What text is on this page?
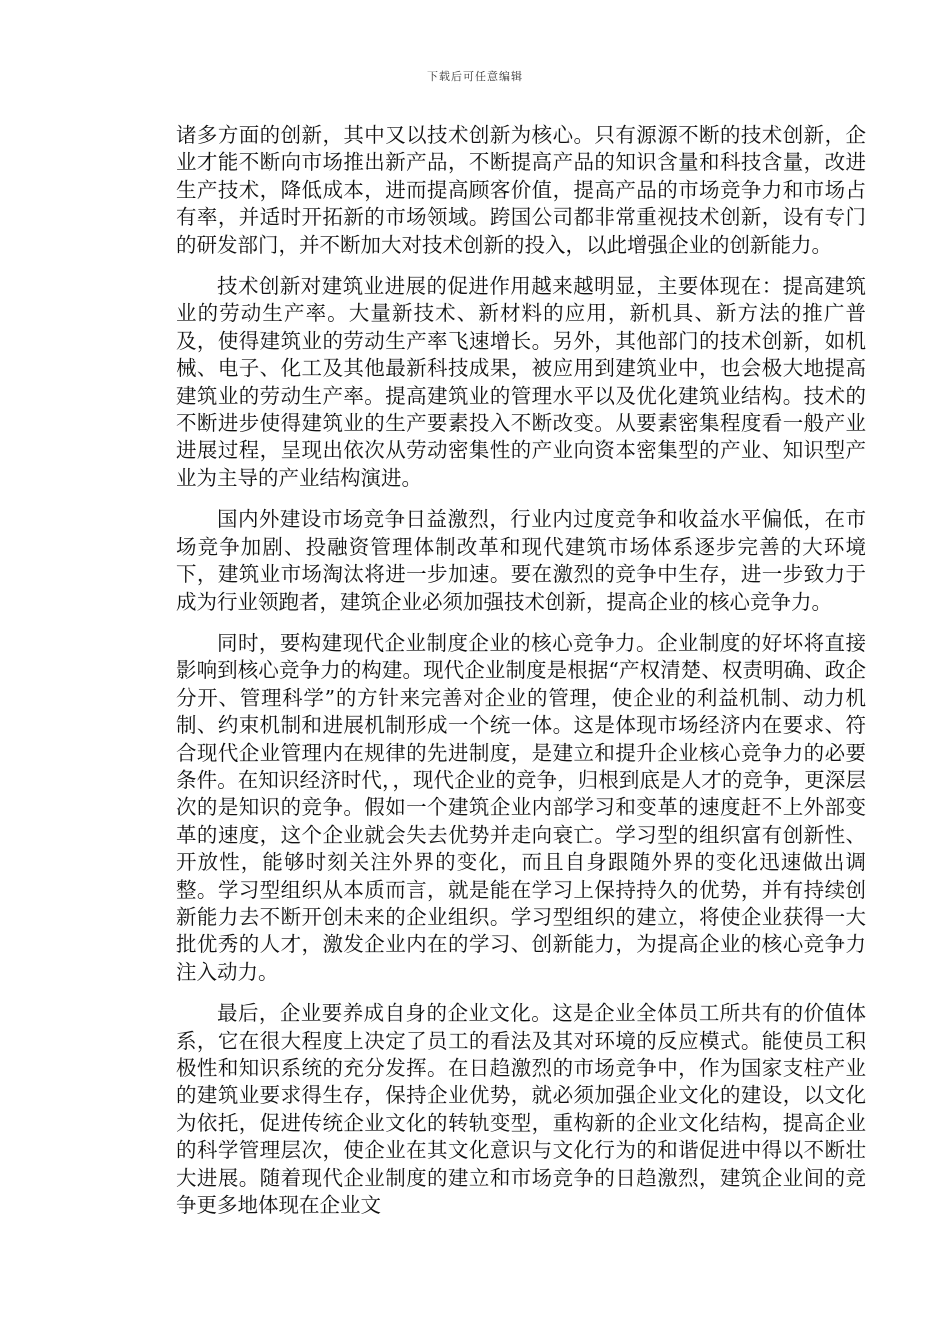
下载后可任意编辑

诸多方面的创新，其中又以技术创新为核心。只有源源不断的技术创新，企业才能不断向市场推出新产品，不断提高产品的知识含量和科技含量，改进生产技术，降低成本，进而提高顾客价值，提高产品的市场竞争力和市场占有率，并适时开拓新的市场领域。跨国公司都非常重视技术创新，设有专门的研发部门，并不断加大对技术创新的投入，以此增强企业的创新能力。

技术创新对建筑业进展的促进作用越来越明显，主要体现在：提高建筑业的劳动生产率。大量新技术、新材料的应用，新机具、新方法的推广普及，使得建筑业的劳动生产率飞速增长。另外，其他部门的技术创新，如机械、电子、化工及其他最新科技成果，被应用到建筑业中，也会极大地提高建筑业的劳动生产率。提高建筑业的管理水平以及优化建筑业结构。技术的不断进步使得建筑业的生产要素投入不断改变。从要素密集程度看一般产业进展过程，呈现出依次从劳动密集性的产业向资本密集型的产业、知识型产业为主导的产业结构演进。

国内外建设市场竞争日益激烈，行业内过度竞争和收益水平偏低，在市场竞争加剧、投融资管理体制改革和现代建筑市场体系逐步完善的大环境下，建筑业市场淘汰将进一步加速。要在激烈的竞争中生存，进一步致力于成为行业领跑者，建筑企业必须加强技术创新，提高企业的核心竞争力。

同时，要构建现代企业制度企业的核心竞争力。企业制度的好坏将直接影响到核心竞争力的构建。现代企业制度是根据“产权清楚、权责明确、政企分开、管理科学”的方针来完善对企业的管理，使企业的利益机制、动力机制、约束机制和进展机制形成一个统一体。这是体现市场经济内在要求、符合现代企业管理内在规律的先进制度，是建立和提升企业核心竞争力的必要条件。在知识经济时代，，现代企业的竞争，归根到底是人才的竞争，更深层次的是知识的竞争。假如一个建筑企业内部学习和变革的速度赶不上外部变革的速度，这个企业就会失去优势并走向衰亡。学习型的组织富有创新性、开放性，能够时刻关注外界的变化，而且自身跟随外界的变化迅速做出调整。学习型组织从本质而言，就是能在学习上保持持久的优势，并有持续创新能力去不断开创未来的企业组织。学习型组织的建立，将使企业获得一大批优秀的人才，激发企业内在的学习、创新能力，为提高企业的核心竞争力注入动力。

最后，企业要养成自身的企业文化。这是企业全体员工所共有的价值体系，它在很大程度上决定了员工的看法及其对环境的反应模式。能使员工积极性和知识系统的充分发挥。在日趋激烈的市场竞争中，作为国家支柱产业的建筑业要求得生存，保持企业优势，就必须加强企业文化的建设，以文化为依托，促进传统企业文化的转轨变型，重构新的企业文化结构，提高企业的科学管理层次，使企业在其文化意识与文化行为的和谐促进中得以不断壮大进展。随着现代企业制度的建立和市场竞争的日趋激烈，建筑企业间的竞争更多地体现在企业文
